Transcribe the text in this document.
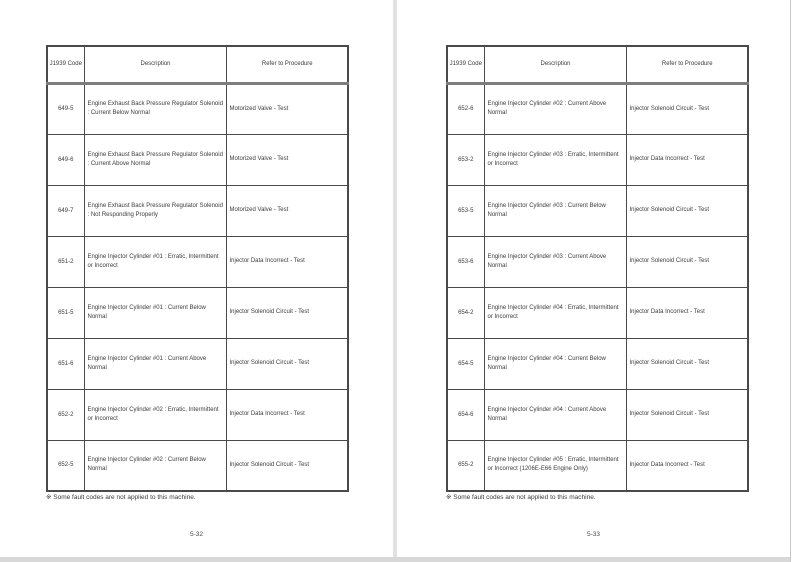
J1939 Code	Description	Refer to Procedure
649-5	Engine Exhaust Back Pressure Regulator Solenoid : Current Below Normal	Motorized Valve - Test
649-6	Engine Exhaust Back Pressure Regulator Solenoid : Current Above Normal	Motorized Valve - Test
649-7	Engine Exhaust Back Pressure Regulator Solenoid : Not Responding Properly	Motorized Valve - Test
651-2	Engine Injector Cylinder #01 : Erratic, Intermittent or Incorrect	Injector Data Incorrect - Test
651-5	Engine Injector Cylinder #01 : Current Below Normal	Injector Solenoid Circuit - Test
651-6	Engine Injector Cylinder #01 : Current Above Normal	Injector Solenoid Circuit - Test
652-2	Engine Injector Cylinder #02 : Erratic, Intermittent or Incorrect	Injector Data Incorrect - Test
652-5	Engine Injector Cylinder #02 : Current Below Normal	Injector Solenoid Circuit - Test
※ Some fault codes are not applied to this machine.
5-32
J1939 Code	Description	Refer to Procedure
652-6	Engine Injector Cylinder #02 : Current Above Normal	Injector Solenoid Circuit - Test
653-2	Engine Injector Cylinder #03 : Erratic, Intermittent or Incorrect	Injector Data Incorrect - Test
653-5	Engine Injector Cylinder #03 : Current Below Normal	Injector Solenoid Circuit - Test
653-6	Engine Injector Cylinder #03 : Current Above Normal	Injector Solenoid Circuit - Test
654-2	Engine Injector Cylinder #04 : Erratic, Intermittent or Incorrect	Injector Data Incorrect - Test
654-5	Engine Injector Cylinder #04 : Current Below Normal	Injector Solenoid Circuit - Test
654-6	Engine Injector Cylinder #04 : Current Above Normal	Injector Solenoid Circuit - Test
655-2	Engine Injector Cylinder #05 : Erratic, Intermittent or Incorrect (1206E-E66 Engine Only)	Injector Data Incorrect - Test
※ Some fault codes are not applied to this machine.
5-33
